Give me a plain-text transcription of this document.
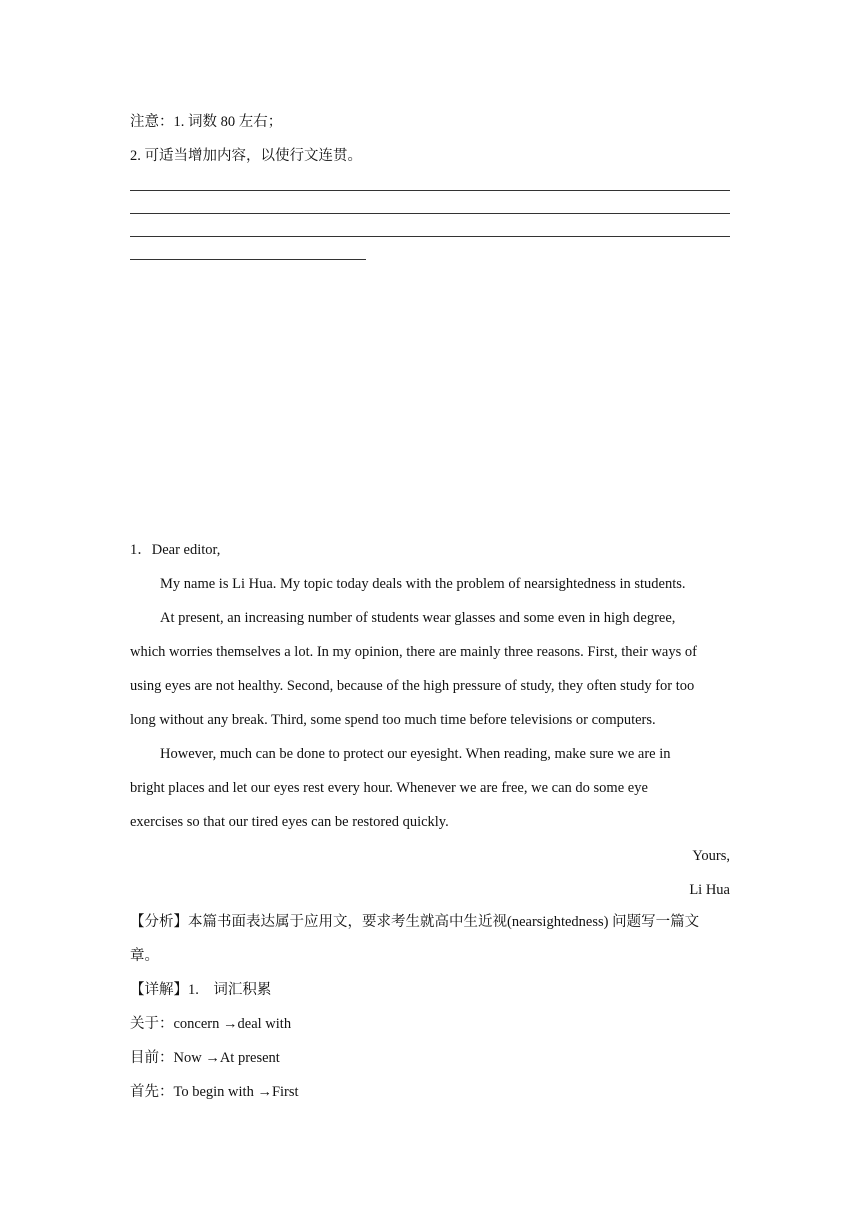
注意：1. 词数 80 左右；
2. 可适当增加内容，以使行文连贯。
1．Dear editor,
My name is Li Hua. My topic today deals with the problem of nearsightedness in students.
At present, an increasing number of students wear glasses and some even in high degree,
which worries themselves a lot. In my opinion, there are mainly three reasons. First, their ways of
using eyes are not healthy. Second, because of the high pressure of study, they often study for too
long without any break. Third, some spend too much time before televisions or computers.
However, much can be done to protect our eyesight. When reading, make sure we are in
bright places and let our eyes rest every hour. Whenever we are free, we can do some eye
exercises so that our tired eyes can be restored quickly.
Yours,
Li Hua
【分析】本篇书面表达属于应用文，要求考生就高中生近视(nearsightedness) 问题写一篇文
章。
【详解】1.　词汇积累
关于：concern →deal with
目前：Now →At present
首先：To begin with →First
